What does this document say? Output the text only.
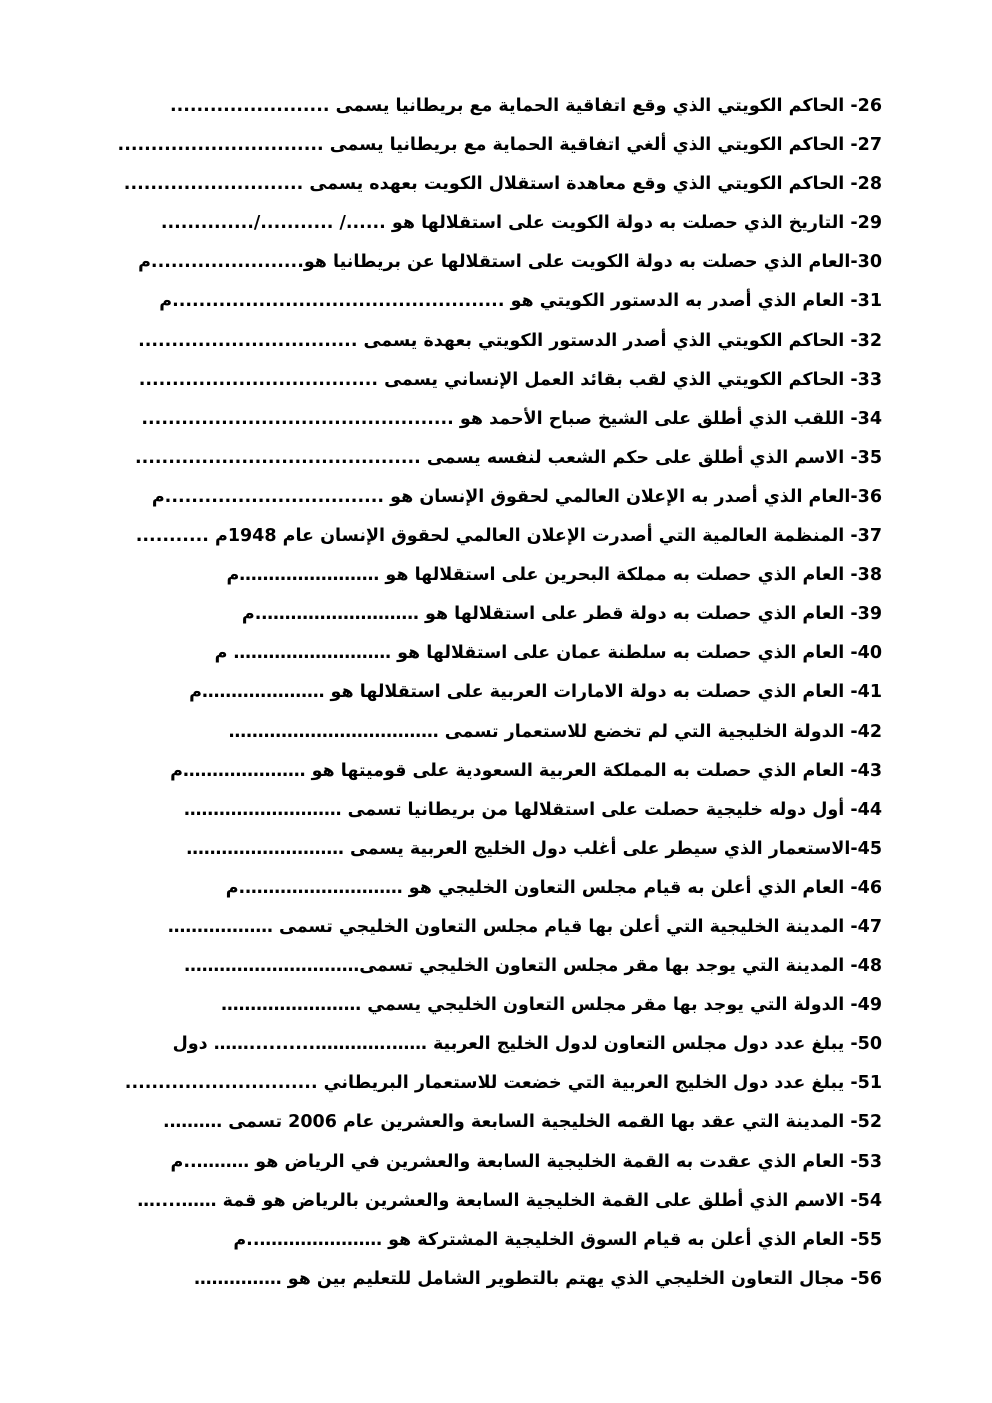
26- الحاكم الكويتي الذي وقع اتفاقية الحماية مع بريطانيا يسمى ........................
27- الحاكم الكويتي الذي ألغي اتفاقية الحماية مع بريطانيا يسمى ...............................
28- الحاكم الكويتي الذي وقع معاهدة استقلال الكويت بعهده يسمى ...........................
29- التاريخ الذي حصلت به دولة الكويت على استقلالها هو ....../ .........../..............
30-العام الذي حصلت به دولة الكويت على استقلالها عن بريطانيا هو.......................م
31- العام الذي أصدر به الدستور الكويتي هو ..................................................م
32- الحاكم الكويتي الذي أصدر الدستور الكويتي بعهدة يسمى .................................
33- الحاكم الكويتي الذي لقب بقائد العمل الإنساني يسمى ....................................
34- اللقب الذي أطلق على الشيخ صباح الأحمد هو ...............................................
35- الاسم الذي أطلق على حكم الشعب لنفسه يسمى ...........................................
36-العام الذي أصدر به الإعلان العالمي لحقوق الإنسان هو .................................م
37- المنظمة العالمية التي أصدرت الإعلان العالمي لحقوق الإنسان عام 1948م ...........
38- العام الذي حصلت به مملكة البحرين على استقلالها هو ……………………م
39- العام الذي حصلت به دولة قطر على استقلالها هو ……………………….م
40- العام الذي حصلت به سلطنة عمان على استقلالها هو ……………………… م
41- العام الذي حصلت به دولة الامارات العربية على استقلالها هو …………………م
42- الدولة الخليجية التي لم تخضع للاستعمار تسمى ………………………………
43- العام الذي حصلت به المملكة العربية السعودية على قوميتها هو …………………م
44- أول دوله خليجية حصلت على استقلالها من بريطانيا تسمى ………………………
45-الاستعمار الذي سيطر على أغلب دول الخليج العربية يسمى ………………………
46- العام الذي أعلن به قيام مجلس التعاون الخليجي هو ……………………….م
47- المدينة الخليجية التي أعلن بها قيام مجلس التعاون الخليجي تسمى ………………
48- المدينة التي يوجد بها مقر مجلس التعاون الخليجي تسمى…………………………
49- الدولة التي يوجد بها مقر مجلس التعاون الخليجي يسمي ……………………
50- يبلغ عدد دول مجلس التعاون لدول الخليج العربية …….…………..........…… دول
51- يبلغ عدد دول الخليج العربية التي خضعت للاستعمار البريطاني .............................
52- المدينة التي عقد بها القمه الخليجية السابعة والعشرين عام 2006 تسمى ……….
53- العام الذي عقدت به القمة الخليجية السابعة والعشرين في الرياض هو ………..م
54- الاسم الذي أطلق على القمة الخليجية السابعة والعشرين بالرياض هو قمة ……....…
55- العام الذي أعلن به قيام السوق الخليجية المشتركة هو …………………..م
56- مجال التعاون الخليجي الذي يهتم بالتطوير الشامل للتعليم بين هو ……………
